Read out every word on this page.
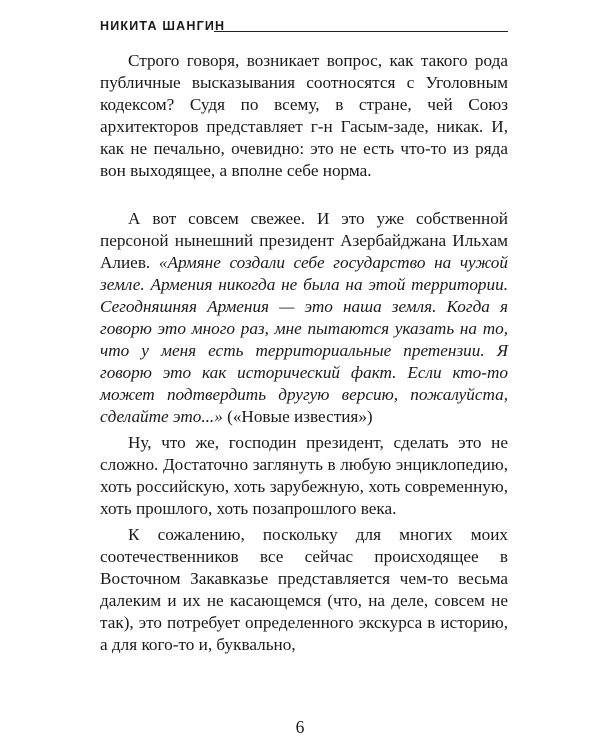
НИКИТА ШАНГИН

Строго говоря, возникает вопрос, как такого рода публичные высказывания соотносятся с Уголовным кодексом? Судя по всему, в стране, чей Союз архитекторов представляет г-н Гасым-заде, никак. И, как не печально, очевидно: это не есть что-то из ряда вон выходящее, а вполне себе норма.

А вот совсем свежее. И это уже собственной персоной нынешний президент Азербайджана Ильхам Алиев. «Армяне создали себе государство на чужой земле. Армения никогда не была на этой территории. Сегодняшняя Армения — это наша земля. Когда я говорю это много раз, мне пытаются указать на то, что у меня есть территориальные претензии. Я говорю это как исторический факт. Если кто-то может подтвердить другую версию, пожалуйста, сделайте это...» («Новые известия»)

Ну, что же, господин президент, сделать это не сложно. Достаточно заглянуть в любую энциклопедию, хоть российскую, хоть зарубежную, хоть современную, хоть прошлого, хоть позапрошлого века.

К сожалению, поскольку для многих моих соотечественников все сейчас происходящее в Восточном Закавказье представляется чем-то весьма далеким и их не касающемся (что, на деле, совсем не так), это потребует определенного экскурса в историю, а для кого-то и, буквально,

6
